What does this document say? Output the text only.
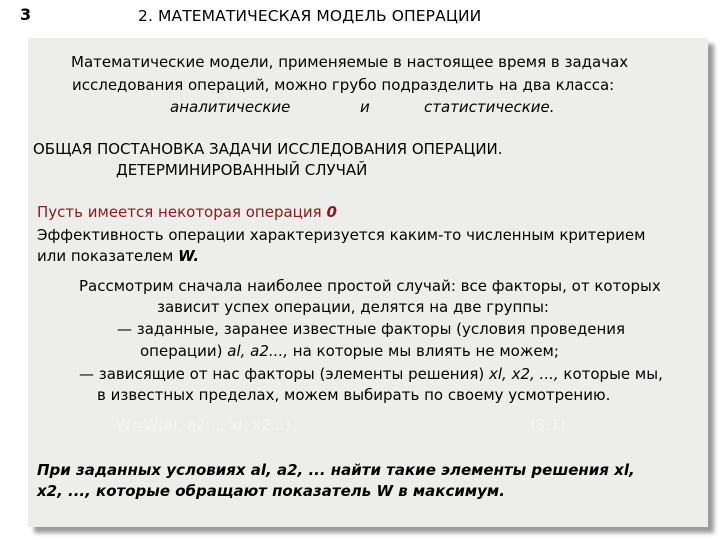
3	2. МАТЕМАТИЧЕСКАЯ МОДЕЛЬ ОПЕРАЦИИ
Математические модели, применяемые в настоящее время в задачах
исследования операций, можно грубо подразделить на два класса:
аналитические	и	статистические.
ОБЩАЯ ПОСТАНОВКА ЗАДАЧИ ИССЛЕДОВАНИЯ ОПЕРАЦИИ.
ДЕТЕРМИНИРОВАННЫЙ СЛУЧАЙ
Пусть имеется некоторая операция 0
Эффективность операции характеризуется каким-то численным критерием
или показателем W.
Рассмотрим сначала наиболее простой случай: все факторы, от которых
зависит успех операции, делятся на две группы:
— заданные, заранее известные факторы (условия проведения
операции) al, a2..., на которые мы влиять не можем;
— зависящие от нас факторы (элементы решения) xl, x2, ..., которые мы,
в известных пределах, можем выбирать по своему усмотрению.
W=W(al, a2..., xl, x2...),	(3.1)
При заданных условиях al, a2, ... найти такие элементы решения xl,
x2, ..., которые обращают показатель W в максимум.
